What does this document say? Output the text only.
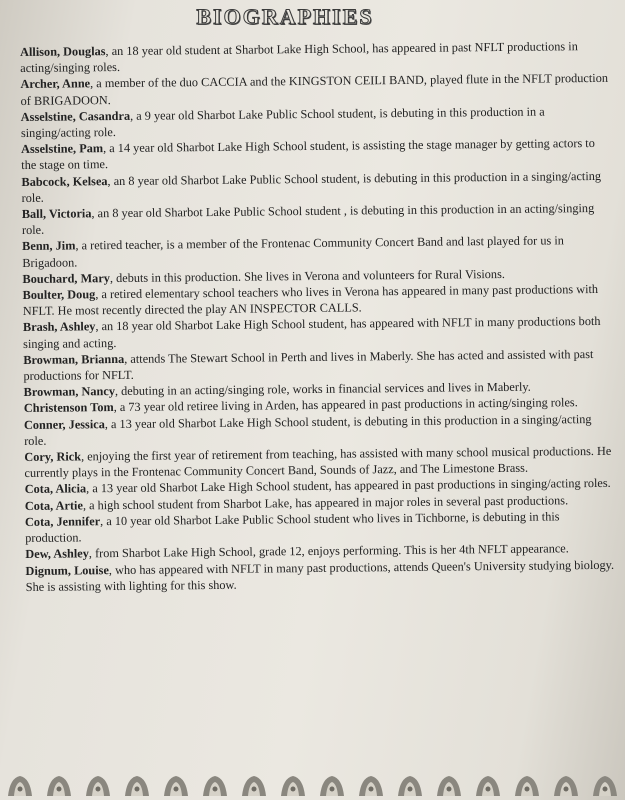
BIOGRAPHIES

Allison, Douglas, an 18 year old student at Sharbot Lake High School, has appeared in past NFLT productions in acting/singing roles.

Archer, Anne, a member of the duo CACCIA and the KINGSTON CEILI BAND, played flute in the NFLT production of BRIGADOON.

Asselstine, Casandra, a 9 year old Sharbot Lake Public School student, is debuting in this production in a singing/acting role.

Asselstine, Pam, a 14 year old Sharbot Lake High School student, is assisting the stage manager by getting actors to the stage on time.

Babcock, Kelsea, an 8 year old Sharbot Lake Public School student, is debuting in this production in a singing/acting role.

Ball, Victoria, an 8 year old Sharbot Lake Public School student , is debuting in this production in an acting/singing role.

Benn, Jim, a retired teacher, is a member of the Frontenac Community Concert Band and last played for us in Brigadoon.

Bouchard, Mary, debuts in this production. She lives in Verona and volunteers for Rural Visions.

Boulter, Doug, a retired elementary school teachers who lives in Verona has appeared in many past productions with NFLT. He most recently directed the play AN INSPECTOR CALLS.

Brash, Ashley, an 18 year old Sharbot Lake High School student, has appeared with NFLT in many productions both singing and acting.

Browman, Brianna, attends The Stewart School in Perth and lives in Maberly. She has acted and assisted with past productions for NFLT.

Browman, Nancy, debuting in an acting/singing role, works in financial services and lives in Maberly.

Christenson Tom, a 73 year old retiree living in Arden, has appeared in past productions in acting/singing roles.

Conner, Jessica, a 13 year old Sharbot Lake High School student, is debuting in this production in a singing/acting role.

Cory, Rick, enjoying the first year of retirement from teaching, has assisted with many school musical productions. He currently plays in the Frontenac Community Concert Band, Sounds of Jazz, and The Limestone Brass.

Cota, Alicia, a 13 year old Sharbot Lake High School student, has appeared in past productions in singing/acting roles.

Cota, Artie, a high school student from Sharbot Lake, has appeared in major roles in several past productions.

Cota, Jennifer, a 10 year old Sharbot Lake Public School student who lives in Tichborne, is debuting in this production.

Dew, Ashley, from Sharbot Lake High School, grade 12, enjoys performing. This is her 4th NFLT appearance.

Dignum, Louise, who has appeared with NFLT in many past productions, attends Queen's University studying biology. She is assisting with lighting for this show.
